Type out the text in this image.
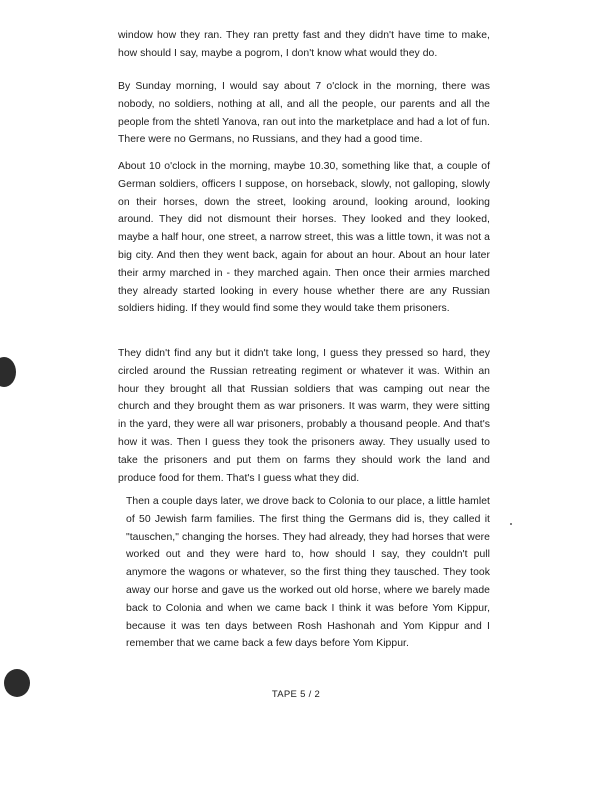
window how they ran. They ran pretty fast and they didn't have time to make, how should I say, maybe a pogrom, I don't know what would they do.

By Sunday morning, I would say about 7 o'clock in the morning, there was nobody, no soldiers, nothing at all, and all the people, our parents and all the people from the shtetl Yanova, ran out into the marketplace and had a lot of fun. There were no Germans, no Russians, and they had a good time.

About 10 o'clock in the morning, maybe 10.30, something like that, a couple of German soldiers, officers I suppose, on horseback, slowly, not galloping, slowly on their horses, down the street, looking around, looking around, looking around. They did not dismount their horses. They looked and they looked, maybe a half hour, one street, a narrow street, this was a little town, it was not a big city. And then they went back, again for about an hour. About an hour later their army marched in - they marched again. Then once their armies marched they already started looking in every house whether there are any Russian soldiers hiding. If they would find some they would take them prisoners.

They didn't find any but it didn't take long, I guess they pressed so hard, they circled around the Russian retreating regiment or whatever it was. Within an hour they brought all that Russian soldiers that was camping out near the church and they brought them as war prisoners. It was warm, they were sitting in the yard, they were all war prisoners, probably a thousand people. And that's how it was. Then I guess they took the prisoners away. They usually used to take the prisoners and put them on farms they should work the land and produce food for them. That's I guess what they did.

Then a couple days later, we drove back to Colonia to our place, a little hamlet of 50 Jewish farm families. The first thing the Germans did is, they called it "tauschen," changing the horses. They had already, they had horses that were worked out and they were hard to, how should I say, they couldn't pull anymore the wagons or whatever, so the first thing they tausched. They took away our horse and gave us the worked out old horse, where we barely made back to Colonia and when we came back I think it was before Yom Kippur, because it was ten days between Rosh Hashonah and Yom Kippur and I remember that we came back a few days before Yom Kippur.

TAPE 5 / 2
